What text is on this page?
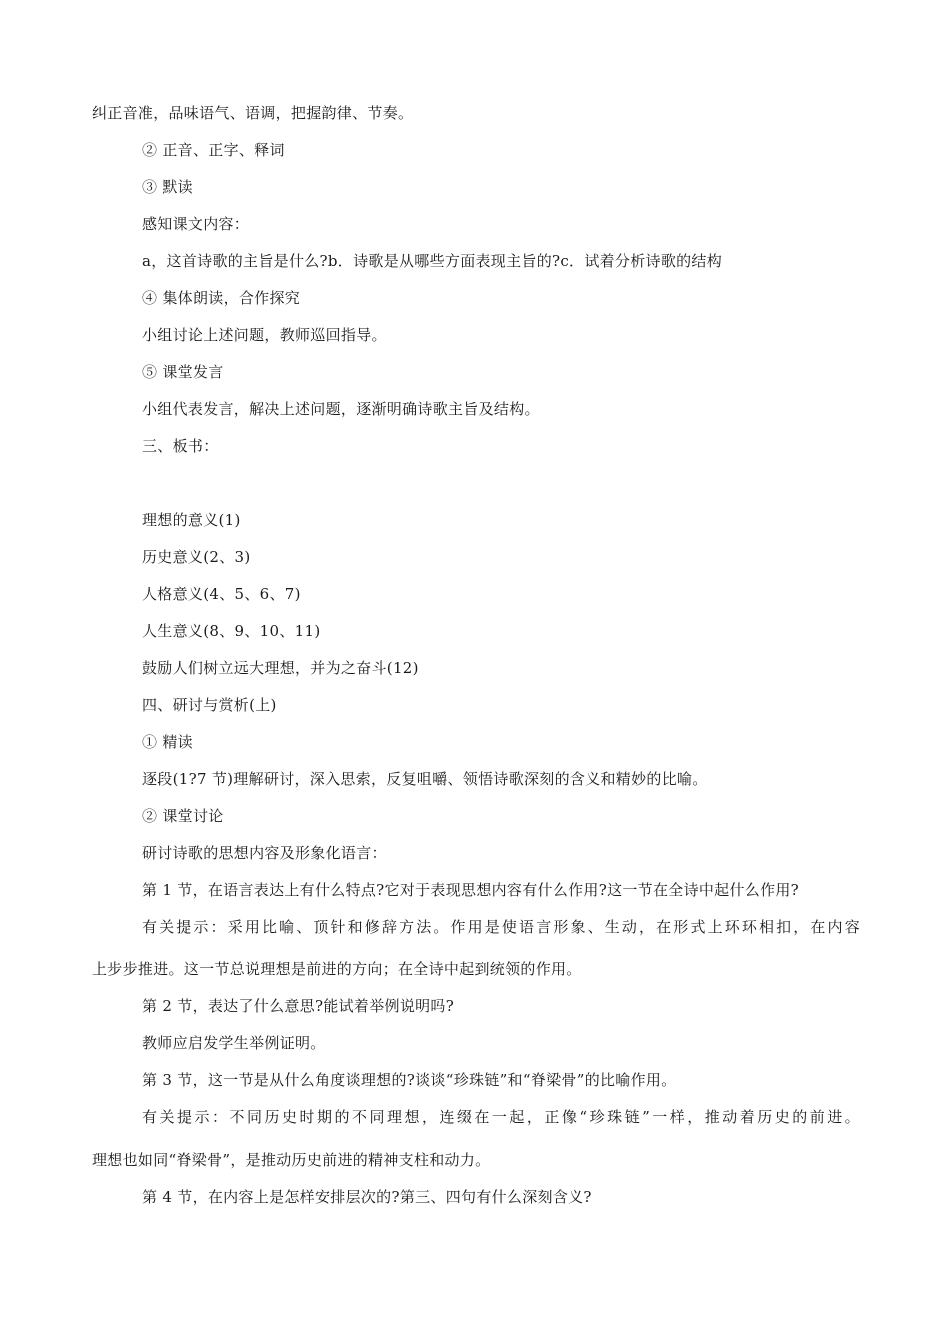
纠正音准，品味语气、语调，把握韵律、节奏。
② 正音、正字、释词
③ 默读
感知课文内容：
a，这首诗歌的主旨是什么?b．诗歌是从哪些方面表现主旨的?c．试着分析诗歌的结构
④ 集体朗读，合作探究
小组讨论上述问题，教师巡回指导。
⑤ 课堂发言
小组代表发言，解决上述问题，逐渐明确诗歌主旨及结构。
三、板书：
理想的意义(1)
历史意义(2、3)
人格意义(4、5、6、7)
人生意义(8、9、10、11)
鼓励人们树立远大理想，并为之奋斗(12)
四、研讨与赏析(上)
① 精读
逐段(1?7 节)理解研讨，深入思索，反复咀嚼、领悟诗歌深刻的含义和精妙的比喻。
② 课堂讨论
研讨诗歌的思想内容及形象化语言：
第 1 节，在语言表达上有什么特点?它对于表现思想内容有什么作用?这一节在全诗中起什么作用?
有关提示：采用比喻、顶针和修辞方法。作用是使语言形象、生动，在形式上环环相扣，在内容
上步步推进。这一节总说理想是前进的方向；在全诗中起到统领的作用。
第 2 节，表达了什么意思?能试着举例说明吗?
教师应启发学生举例证明。
第 3 节，这一节是从什么角度谈理想的?谈谈“珍珠链”和“脊梁骨”的比喻作用。
有关提示：不同历史时期的不同理想，连缀在一起，正像“珍珠链”一样，推动着历史的前进。
理想也如同“脊梁骨”，是推动历史前进的精神支柱和动力。
第 4 节，在内容上是怎样安排层次的?第三、四句有什么深刻含义?
